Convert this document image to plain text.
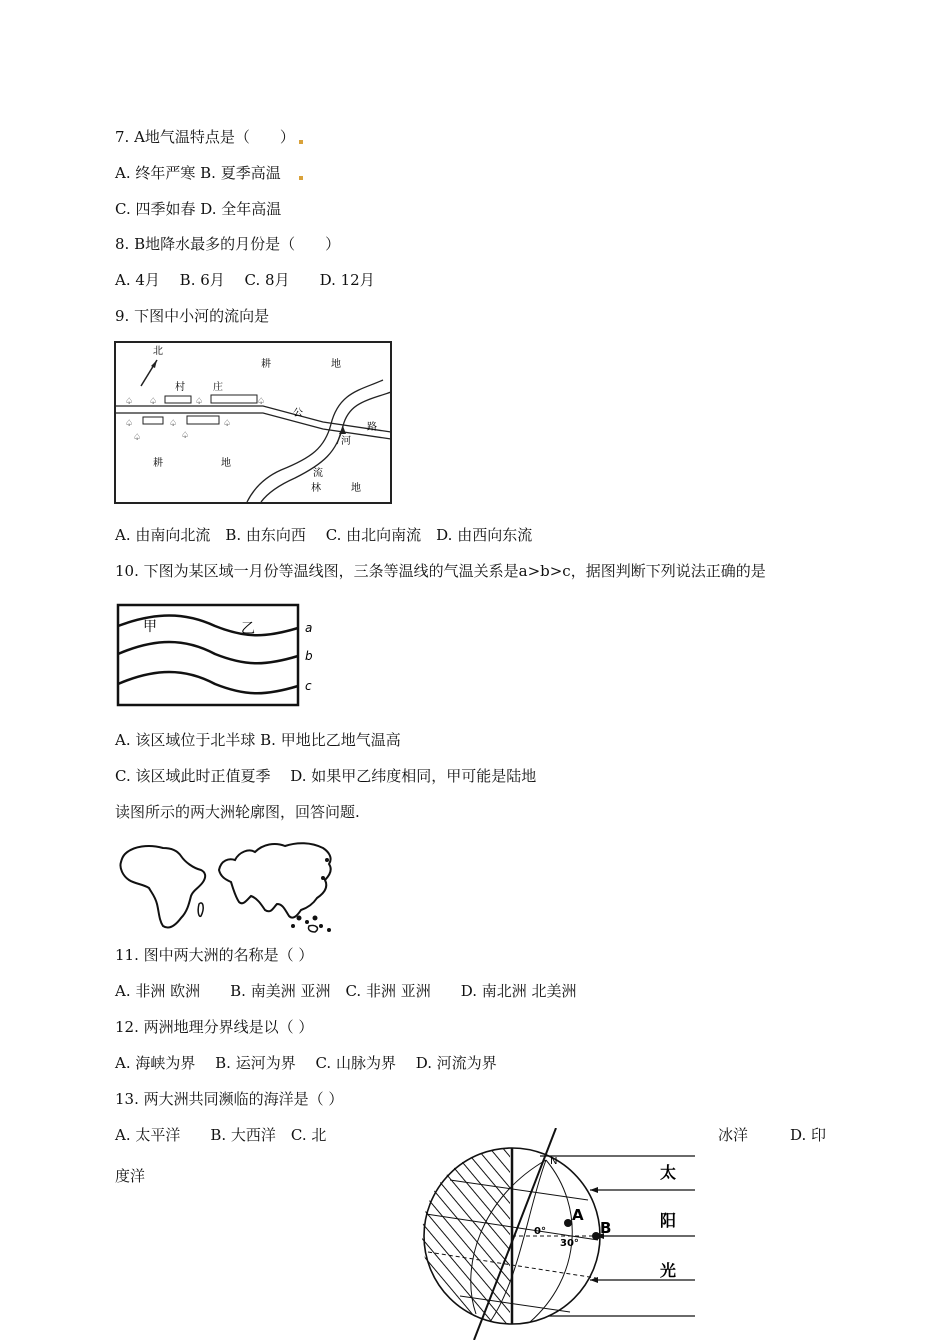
7. A地气温特点是（　　）
A. 终年严寒 B. 夏季高温
C. 四季如春 D. 全年高温
8. B地降水最多的月份是（　　）
A. 4月　 B. 6月　 C. 8月　　D. 12月
9. 下图中小河的流向是
北
耕	地
村	庄
♤ ♤	♤	♤
♤	♤	♤
♤	♤
公
路
河
流
耕	地
林	地
A. 由南向北流　B. 由东向西　 C. 由北向南流　D. 由西向东流
10. 下图为某区域一月份等温线图，三条等温线的气温关系是a>b>c，据图判断下列说法正确的是
甲	乙	a
b
c
A. 该区域位于北半球 B. 甲地比乙地气温高
C. 该区域此时正值夏季　 D. 如果甲乙纬度相同，甲可能是陆地
读图所示的两大洲轮廓图，回答问题.
11. 图中两大洲的名称是（ ）
A. 非洲 欧洲　　B. 南美洲 亚洲　C. 非洲 亚洲　　D. 南北洲 北美洲
12. 两洲地理分界线是以（ ）
A. 海峡为界　 B. 运河为界　 C. 山脉为界　 D. 河流为界
13. 两大洲共同濒临的海洋是（ ）
A. 太平洋　　B. 大西洋　C. 北	冰洋	D. 印
度洋
N
0°
30°
A
B
太
阳
光
